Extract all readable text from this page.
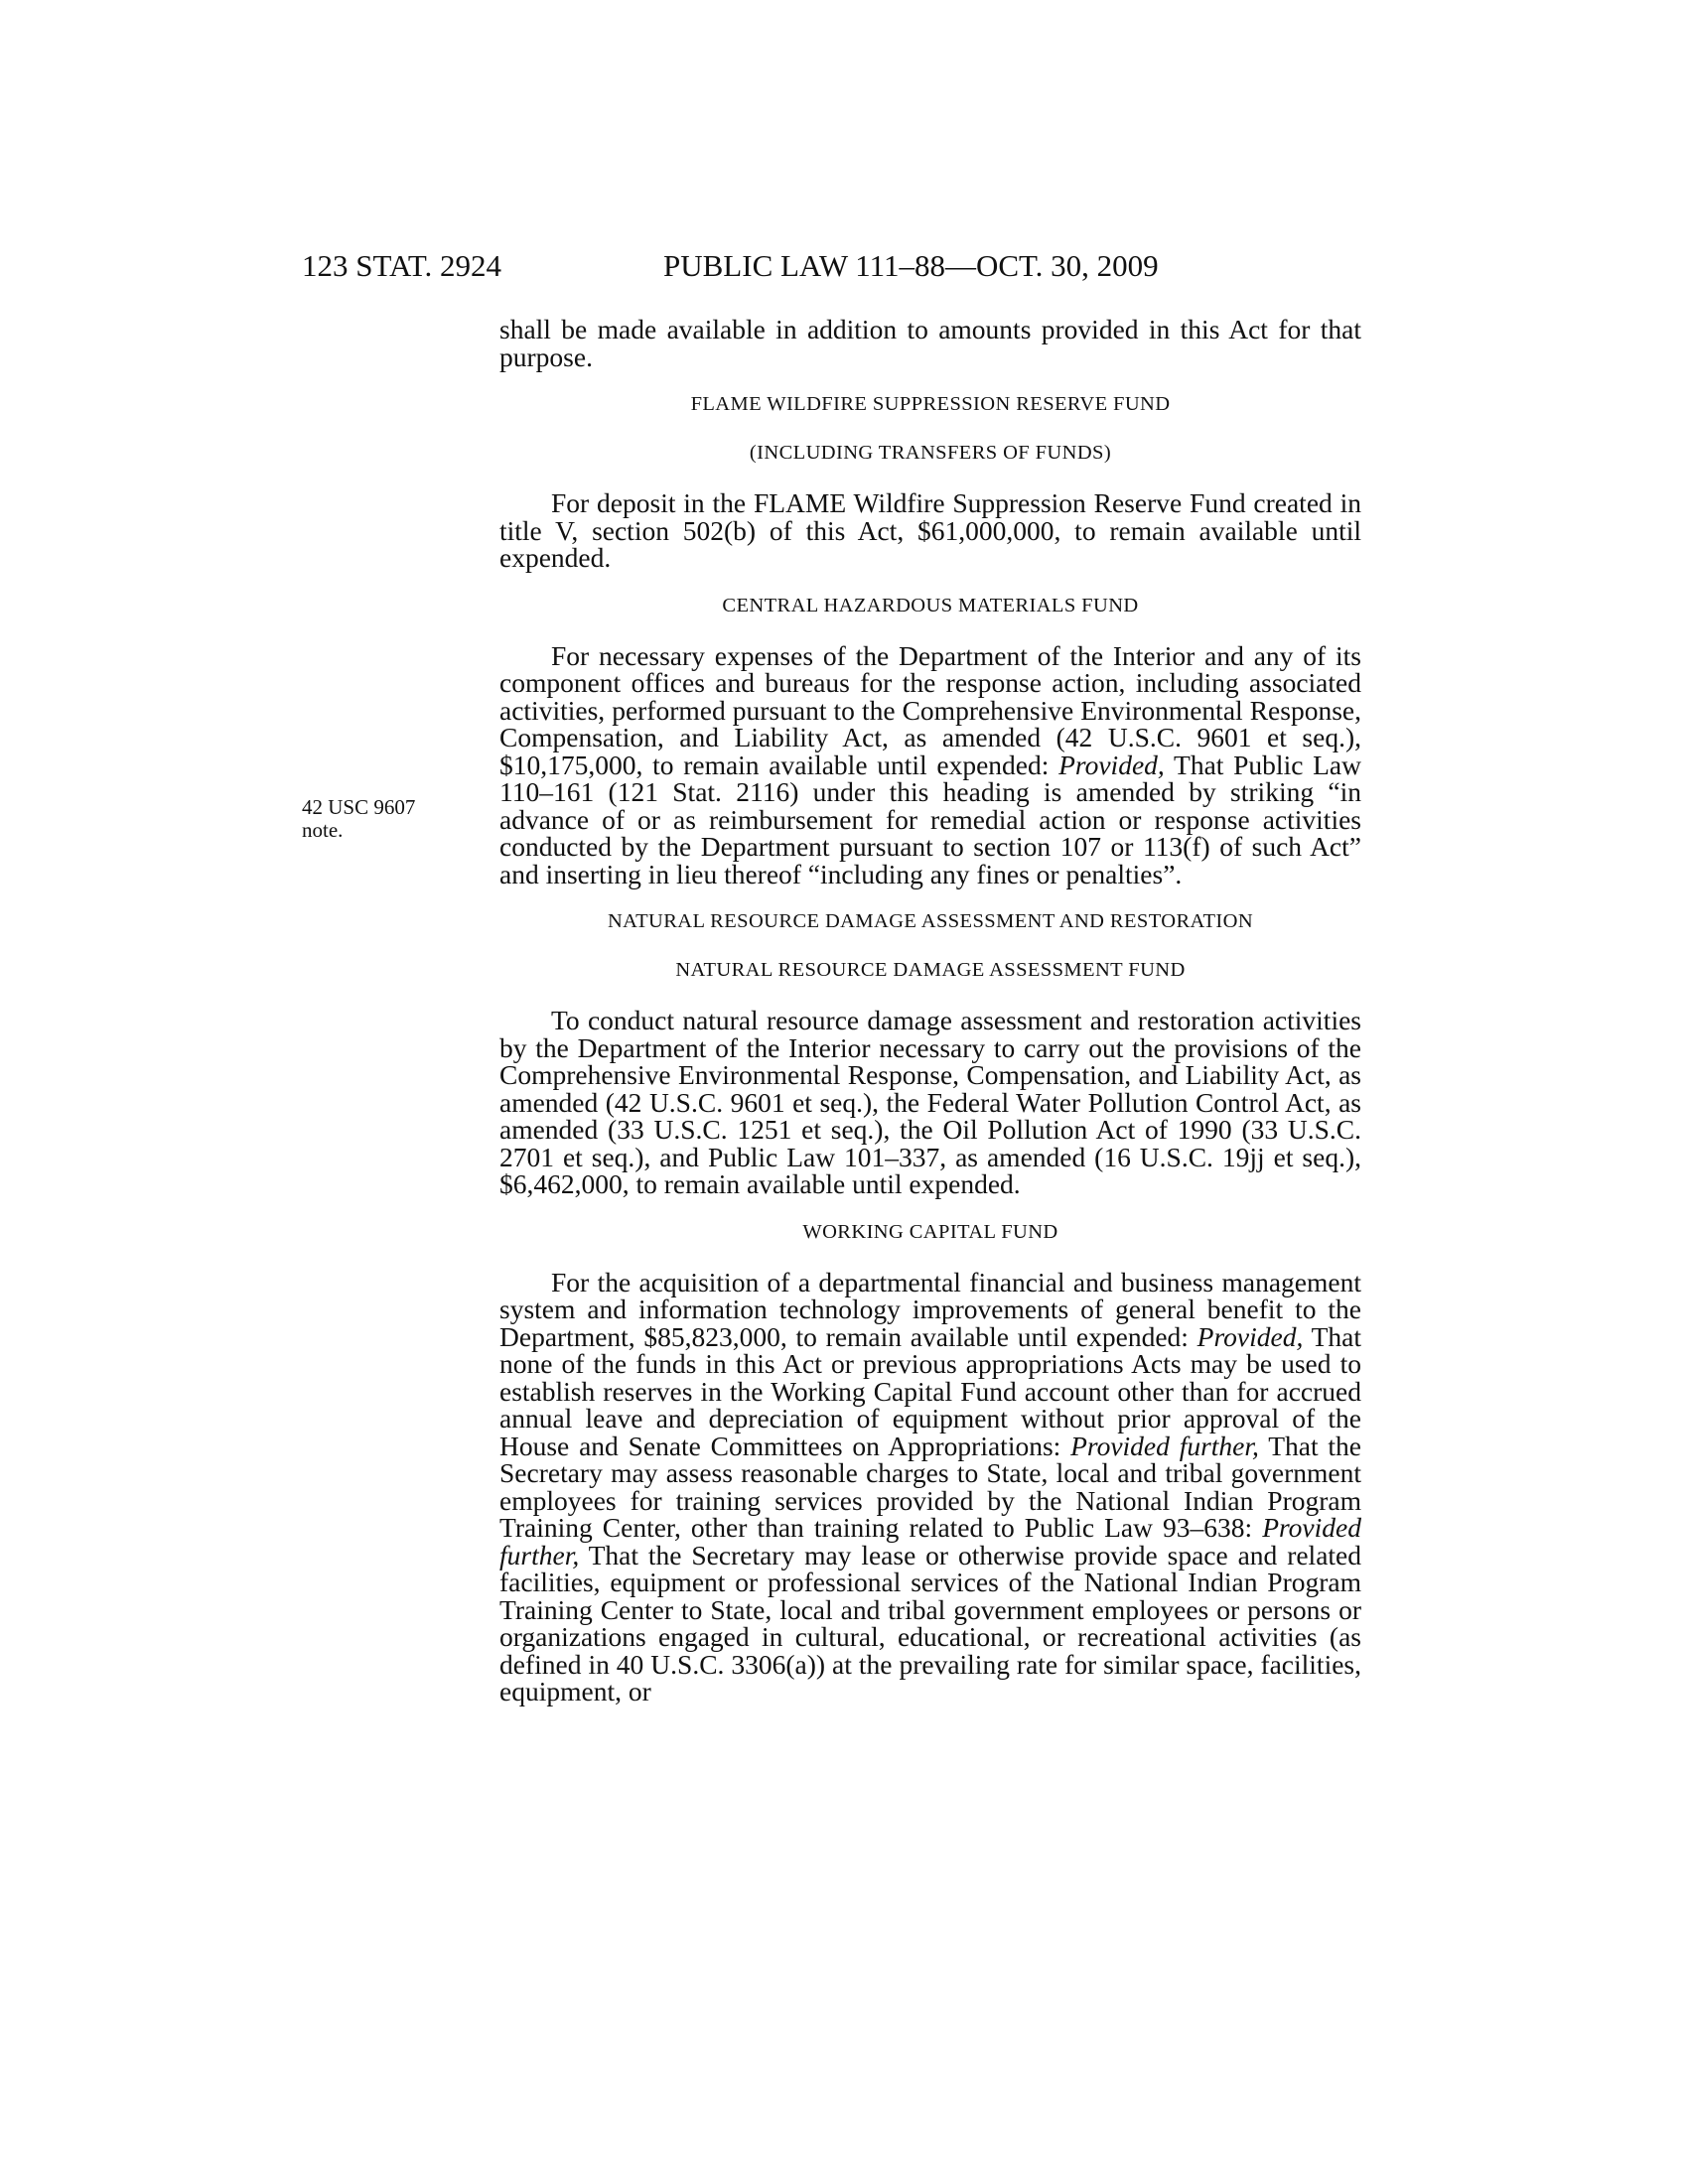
123 STAT. 2924	PUBLIC LAW 111–88—OCT. 30, 2009
42 USC 9607
note.

shall be made available in addition to amounts provided in this Act for that purpose.

FLAME WILDFIRE SUPPRESSION RESERVE FUND
(INCLUDING TRANSFERS OF FUNDS)

For deposit in the FLAME Wildfire Suppression Reserve Fund created in title V, section 502(b) of this Act, $61,000,000, to remain available until expended.

CENTRAL HAZARDOUS MATERIALS FUND

For necessary expenses of the Department of the Interior and any of its component offices and bureaus for the response action, including associated activities, performed pursuant to the Comprehensive Environmental Response, Compensation, and Liability Act, as amended (42 U.S.C. 9601 et seq.), $10,175,000, to remain available until expended: Provided, That Public Law 110–161 (121 Stat. 2116) under this heading is amended by striking “in advance of or as reimbursement for remedial action or response activities conducted by the Department pursuant to section 107 or 113(f) of such Act” and inserting in lieu thereof “including any fines or penalties”.

NATURAL RESOURCE DAMAGE ASSESSMENT AND RESTORATION
NATURAL RESOURCE DAMAGE ASSESSMENT FUND

To conduct natural resource damage assessment and restoration activities by the Department of the Interior necessary to carry out the provisions of the Comprehensive Environmental Response, Compensation, and Liability Act, as amended (42 U.S.C. 9601 et seq.), the Federal Water Pollution Control Act, as amended (33 U.S.C. 1251 et seq.), the Oil Pollution Act of 1990 (33 U.S.C. 2701 et seq.), and Public Law 101–337, as amended (16 U.S.C. 19jj et seq.), $6,462,000, to remain available until expended.

WORKING CAPITAL FUND

For the acquisition of a departmental financial and business management system and information technology improvements of general benefit to the Department, $85,823,000, to remain available until expended: Provided, That none of the funds in this Act or previous appropriations Acts may be used to establish reserves in the Working Capital Fund account other than for accrued annual leave and depreciation of equipment without prior approval of the House and Senate Committees on Appropriations: Provided further, That the Secretary may assess reasonable charges to State, local and tribal government employees for training services provided by the National Indian Program Training Center, other than training related to Public Law 93–638: Provided further, That the Secretary may lease or otherwise provide space and related facilities, equipment or professional services of the National Indian Program Training Center to State, local and tribal government employees or persons or organizations engaged in cultural, educational, or recreational activities (as defined in 40 U.S.C. 3306(a)) at the prevailing rate for similar space, facilities, equipment, or
